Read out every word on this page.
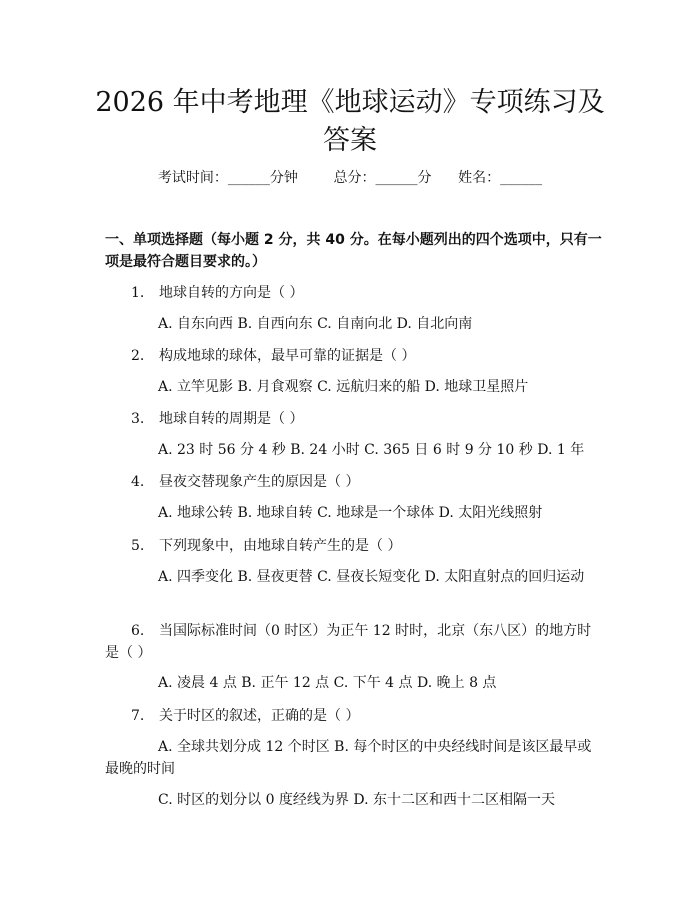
2026 年中考地理《地球运动》专项练习及答案
考试时间：______分钟	总分：______分 姓名：______
一、单项选择题（每小题 2 分，共 40 分。在每小题列出的四个选项中，只有一项是最符合题目要求的。）
1. 地球自转的方向是（ ）
A. 自东向西 B. 自西向东 C. 自南向北 D. 自北向南
2. 构成地球的球体，最早可靠的证据是（ ）
A. 立竿见影 B. 月食观察 C. 远航归来的船 D. 地球卫星照片
3. 地球自转的周期是（ ）
A. 23 时 56 分 4 秒 B. 24 小时 C. 365 日 6 时 9 分 10 秒 D. 1 年
4. 昼夜交替现象产生的原因是（ ）
A. 地球公转 B. 地球自转 C. 地球是一个球体 D. 太阳光线照射
5. 下列现象中，由地球自转产生的是（ ）
A. 四季变化 B. 昼夜更替 C. 昼夜长短变化 D. 太阳直射点的回归运动
6. 当国际标准时间（0 时区）为正午 12 时时，北京（东八区）的地方时是（ ）
A. 凌晨 4 点 B. 正午 12 点 C. 下午 4 点 D. 晚上 8 点
7. 关于时区的叙述，正确的是（ ）
A. 全球共划分成 12 个时区 B. 每个时区的中央经线时间是该区最早或最晚的时间
C. 时区的划分以 0 度经线为界 D. 东十二区和西十二区相隔一天
